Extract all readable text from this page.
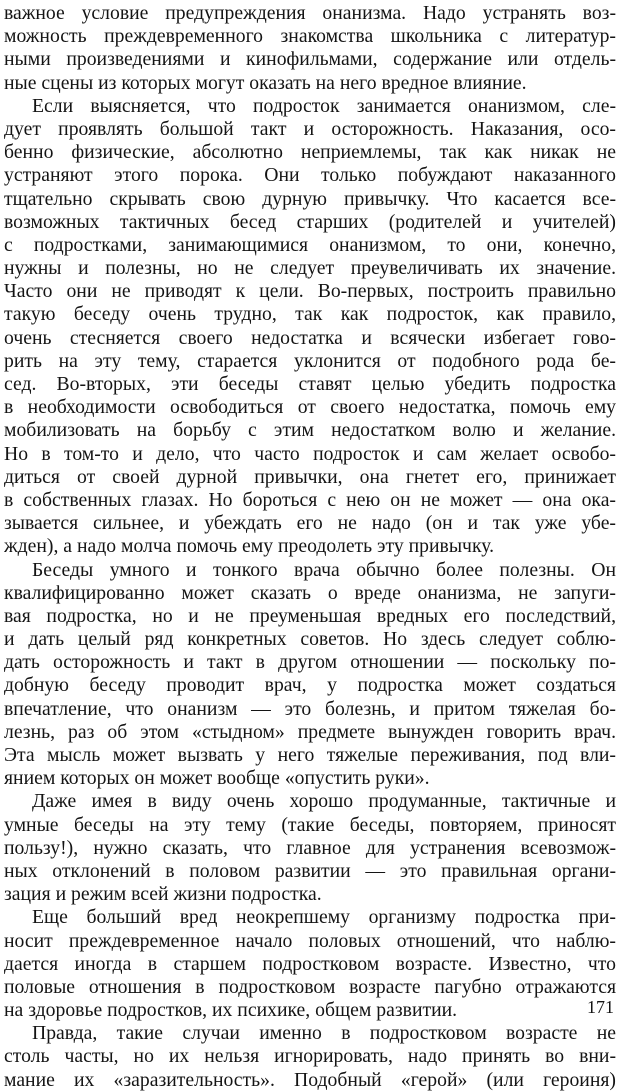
важное условие предупреждения онанизма. Надо устранять воз-
можность преждевременного знакомства школьника с литератур-
ными произведениями и кинофильмами, содержание или отдель-
ные сцены из которых могут оказать на него вредное влияние.
Если выясняется, что подросток занимается онанизмом, сле-
дует проявлять большой такт и осторожность. Наказания, осо-
бенно физические, абсолютно неприемлемы, так как никак не
устраняют этого порока. Они только побуждают наказанного
тщательно скрывать свою дурную привычку. Что касается все-
возможных тактичных бесед старших (родителей и учителей)
с подростками, занимающимися онанизмом, то они, конечно,
нужны и полезны, но не следует преувеличивать их значение.
Часто они не приводят к цели. Во-первых, построить правильно
такую беседу очень трудно, так как подросток, как правило,
очень стесняется своего недостатка и всячески избегает гово-
рить на эту тему, старается уклонится от подобного рода бе-
сед. Во-вторых, эти беседы ставят целью убедить подростка
в необходимости освободиться от своего недостатка, помочь ему
мобилизовать на борьбу с этим недостатком волю и желание.
Но в том-то и дело, что часто подросток и сам желает освобо-
диться от своей дурной привычки, она гнетет его, принижает
в собственных глазах. Но бороться с нею он не может — она ока-
зывается сильнее, и убеждать его не надо (он и так уже убе-
жден), а надо молча помочь ему преодолеть эту привычку.
Беседы умного и тонкого врача обычно более полезны. Он
квалифицированно может сказать о вреде онанизма, не запуги-
вая подростка, но и не преуменьшая вредных его последствий,
и дать целый ряд конкретных советов. Но здесь следует соблю-
дать осторожность и такт в другом отношении — поскольку по-
добную беседу проводит врач, у подростка может создаться
впечатление, что онанизм — это болезнь, и притом тяжелая бо-
лезнь, раз об этом «стыдном» предмете вынужден говорить врач.
Эта мысль может вызвать у него тяжелые переживания, под вли-
янием которых он может вообще «опустить руки».
Даже имея в виду очень хорошо продуманные, тактичные и
умные беседы на эту тему (такие беседы, повторяем, приносят
пользу!), нужно сказать, что главное для устранения всевозмож-
ных отклонений в половом развитии — это правильная органи-
зация и режим всей жизни подростка.
Еще больший вред неокрепшему организму подростка при-
носит преждевременное начало половых отношений, что наблю-
дается иногда в старшем подростковом возрасте. Известно, что
половые отношения в подростковом возрасте пагубно отражаются
на здоровье подростков, их психике, общем развитии.
Правда, такие случаи именно в подростковом возрасте не
столь часты, но их нельзя игнорировать, надо принять во вни-
мание их «заразительность». Подобный «герой» (или героиня)
171
